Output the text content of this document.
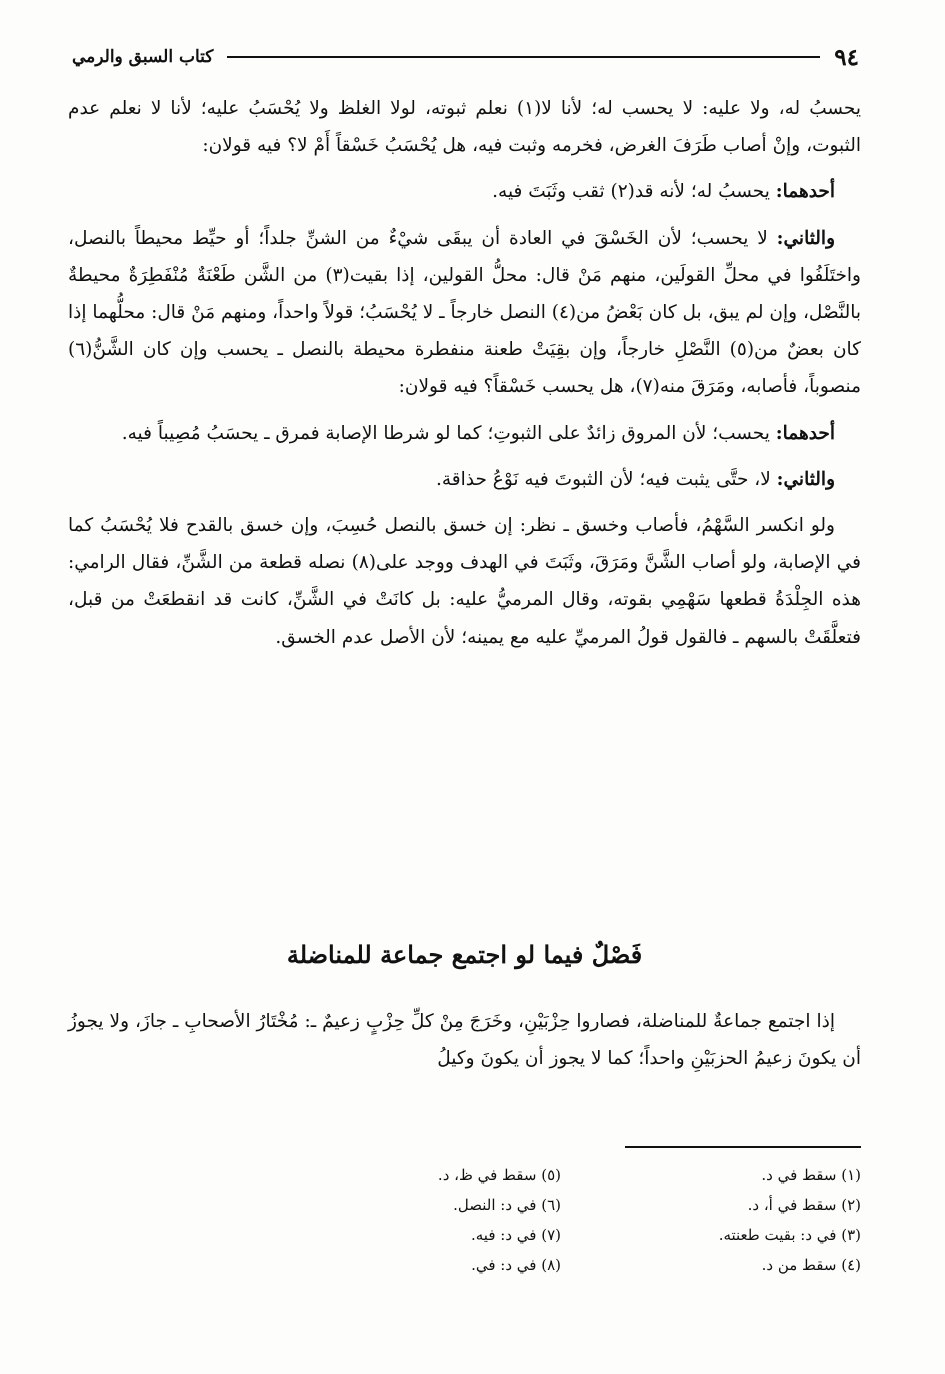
٩٤
كتاب السبق والرمي

يحسبُ له، ولا عليه: لا يحسب له؛ لأنا لا(١) نعلم ثبوته، لولا الغلظ ولا يُحْسَبُ عليه؛ لأنا لا نعلم عدم الثبوت، وإنْ أصاب طَرَفَ الغرض، فخرمه وثبت فيه، هل يُحْسَبُ خَسْقاً أَمْ لا؟ فيه قولان:

أحدهما: يحسبُ له؛ لأنه قد(٢) ثقب وثَبَتَ فيه.

والثاني: لا يحسب؛ لأن الخَسْقَ في العادة أن يبقَى شيْءٌ من الشنِّ جلداً؛ أو حيِّط محيطاً بالنصل، واختَلَفُوا في محلِّ القولَين، منهم مَنْ قال: محلُّ القولين، إذا بقيت(٣) من الشَّن طَعْنَةٌ مُنْفَطِرَةٌ محيطةٌ بالنَّصْل، وإن لم يبق، بل كان بَعْضُ من(٤) النصل خارجاً ـ لا يُحْسَبُ؛ قولاً واحداً، ومنهم مَنْ قال: محلُّهما إذا كان بعضٌ من(٥) النَّصْلِ خارجاً، وإن بقِيَتْ طعنة منفطرة محيطة بالنصل ـ يحسب وإن كان الشَّنُّ(٦) منصوباً، فأصابه، ومَرَقَ منه(٧)، هل يحسب خَسْقاً؟ فيه قولان:

أحدهما: يحسب؛ لأن المروق زائدٌ على الثبوتِ؛ كما لو شرطا الإصابة فمرق ـ يحسَبُ مُصِيباً فيه.

والثاني: لا، حتَّى يثبت فيه؛ لأن الثبوتَ فيه نَوْعُ حذاقة.

ولو انكسر السَّهْمُ، فأصاب وخسق ـ نظر: إن خسق بالنصل حُسِبَ، وإن خسق بالقدح فلا يُحْسَبُ كما في الإصابة، ولو أصاب الشَّنَّ ومَرَقَ، وثَبَتَ في الهدف ووجد على(٨) نصله قطعة من الشَّنِّ، فقال الرامي: هذه الجِلْدَةُ قطعها سَهْمِي بقوته، وقال المرميُّ عليه: بل كانَتْ في الشَّنِّ، كانت قد انقطعَتْ من قبل، فتعلَّقَتْ بالسهم ـ فالقول قولُ المرميِّ عليه مع يمينه؛ لأن الأصل عدم الخسق.

فَصْلٌ فيما لو اجتمع جماعة للمناضلة

إذا اجتمع جماعةٌ للمناضلة، فصاروا حِزْبَيْنِ، وخَرَجَ مِنْ كلِّ حِزْبٍ زعيمٌ ـ: مُخْتَارُ الأصحابِ ـ جازَ، ولا يجوزُ أن يكونَ زعيمُ الحزبَيْنِ واحداً؛ كما لا يجوز أن يكونَ وكيلُ

(١) سقط في د.
(٢) سقط في أ، د.
(٣) في د: بقيت طعنته.
(٤) سقط من د.
(٥) سقط في ظ، د.
(٦) في د: النصل.
(٧) في د: فيه.
(٨) في د: في.
